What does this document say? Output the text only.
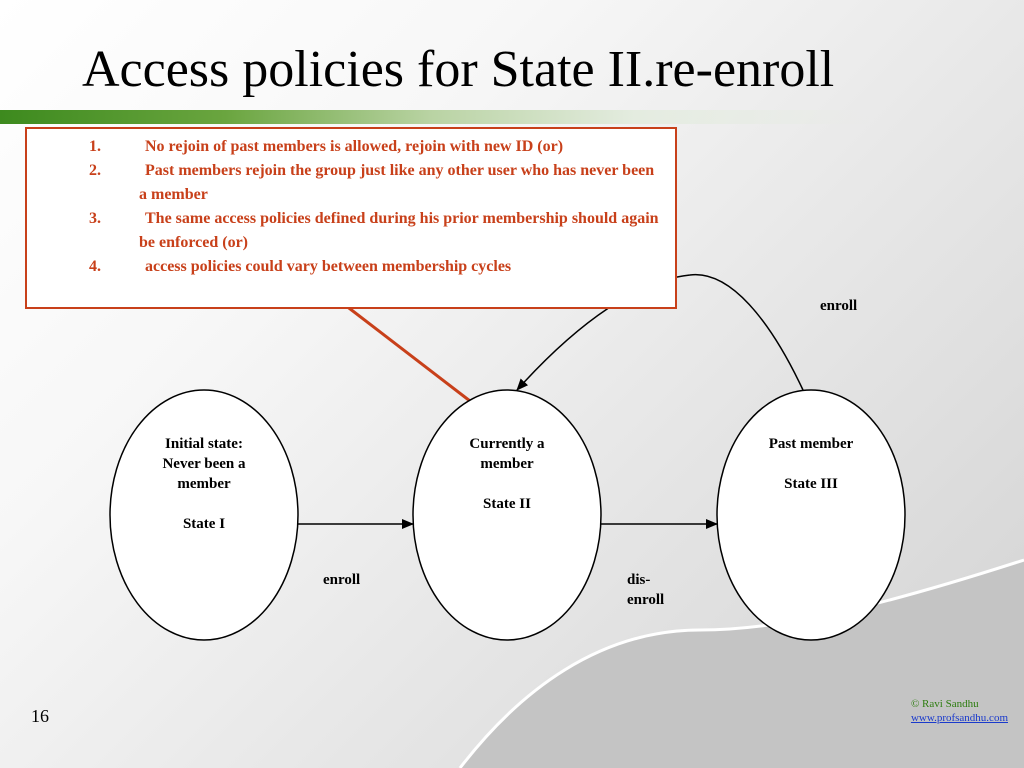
Access policies for State II.re-enroll
1.	No rejoin of past members is allowed, rejoin with new ID (or)
2.	Past members rejoin the group just like any other user who has never been a member
3.	The same access policies defined during his prior membership should again be enforced (or)
4.	access policies could vary between membership cycles
Initial state:
Never been a
member
State I
Currently a
member
State II
Past member
State III
enroll	dis-
enroll
enroll
16
© Ravi Sandhu
www.profsandhu.com
